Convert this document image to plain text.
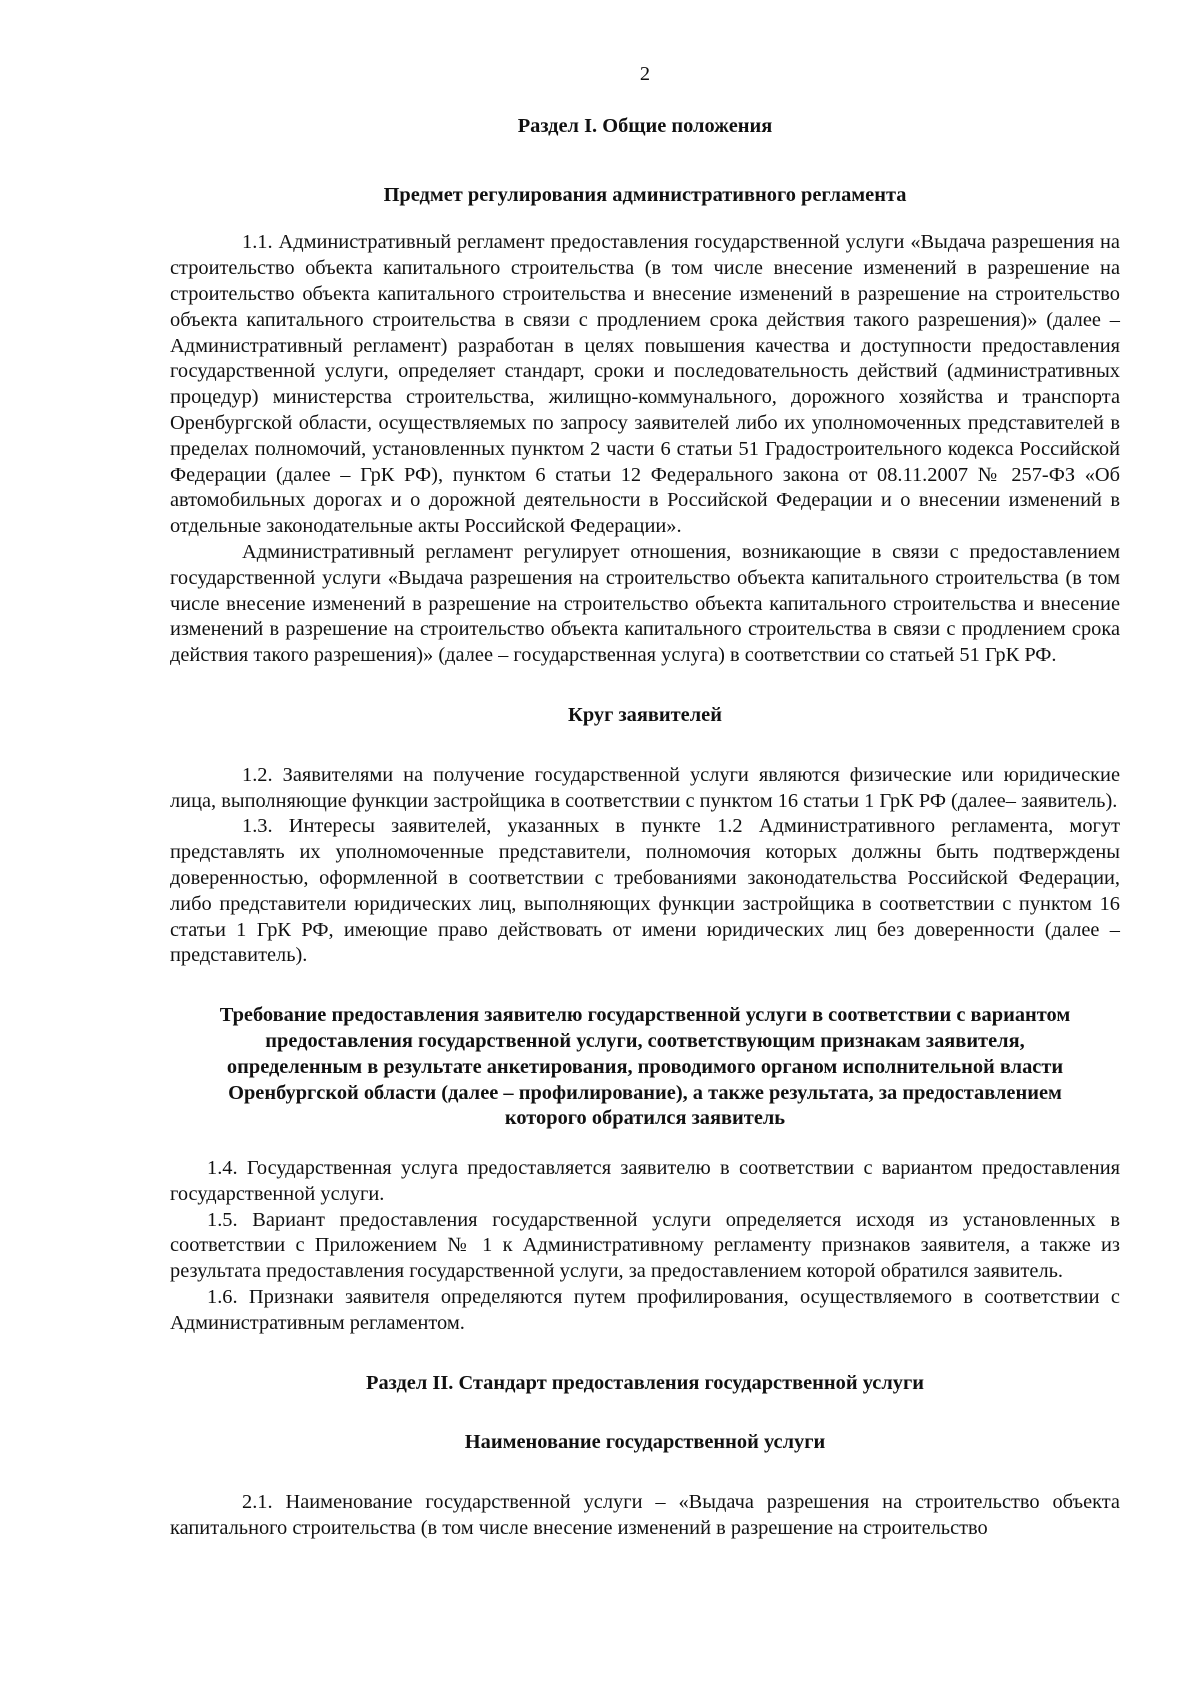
2

Раздел I. Общие положения

Предмет регулирования административного регламента

1.1. Административный регламент предоставления государственной услуги «Выдача разрешения на строительство объекта капитального строительства (в том числе внесение изменений в разрешение на строительство объекта капитального строительства и внесение изменений в разрешение на строительство объекта капитального строительства в связи с продлением срока действия такого разрешения)» (далее – Административный регламент) разработан в целях повышения качества и доступности предоставления государственной услуги, определяет стандарт, сроки и последовательность действий (административных процедур) министерства строительства, жилищно-коммунального, дорожного хозяйства и транспорта Оренбургской области, осуществляемых по запросу заявителей либо их уполномоченных представителей в пределах полномочий, установленных пунктом 2 части 6 статьи 51 Градостроительного кодекса Российской Федерации (далее – ГрК РФ), пунктом 6 статьи 12 Федерального закона от 08.11.2007 № 257-ФЗ «Об автомобильных дорогах и о дорожной деятельности в Российской Федерации и о внесении изменений в отдельные законодательные акты Российской Федерации».

Административный регламент регулирует отношения, возникающие в связи с предоставлением государственной услуги «Выдача разрешения на строительство объекта капитального строительства (в том числе внесение изменений в разрешение на строительство объекта капитального строительства и внесение изменений в разрешение на строительство объекта капитального строительства в связи с продлением срока действия такого разрешения)» (далее – государственная услуга) в соответствии со статьей 51 ГрК РФ.

Круг заявителей

1.2. Заявителями на получение государственной услуги являются физические или юридические лица, выполняющие функции застройщика в соответствии с пунктом 16 статьи 1 ГрК РФ (далее– заявитель).

1.3. Интересы заявителей, указанных в пункте 1.2 Административного регламента, могут представлять их уполномоченные представители, полномочия которых должны быть подтверждены доверенностью, оформленной в соответствии с требованиями законодательства Российской Федерации, либо представители юридических лиц, выполняющих функции застройщика в соответствии с пунктом 16 статьи 1 ГрК РФ, имеющие право действовать от имени юридических лиц без доверенности (далее – представитель).

Требование предоставления заявителю государственной услуги в соответствии с вариантом предоставления государственной услуги, соответствующим признакам заявителя, определенным в результате анкетирования, проводимого органом исполнительной власти Оренбургской области (далее – профилирование), а также результата, за предоставлением которого обратился заявитель

1.4. Государственная услуга предоставляется заявителю в соответствии с вариантом предоставления государственной услуги.

1.5. Вариант предоставления государственной услуги определяется исходя из установленных в соответствии с Приложением № 1 к Административному регламенту признаков заявителя, а также из результата предоставления государственной услуги, за предоставлением которой обратился заявитель.

1.6. Признаки заявителя определяются путем профилирования, осуществляемого в соответствии с Административным регламентом.

Раздел II. Стандарт предоставления государственной услуги

Наименование государственной услуги

2.1. Наименование государственной услуги – «Выдача разрешения на строительство объекта капитального строительства (в том числе внесение изменений в разрешение на строительство
